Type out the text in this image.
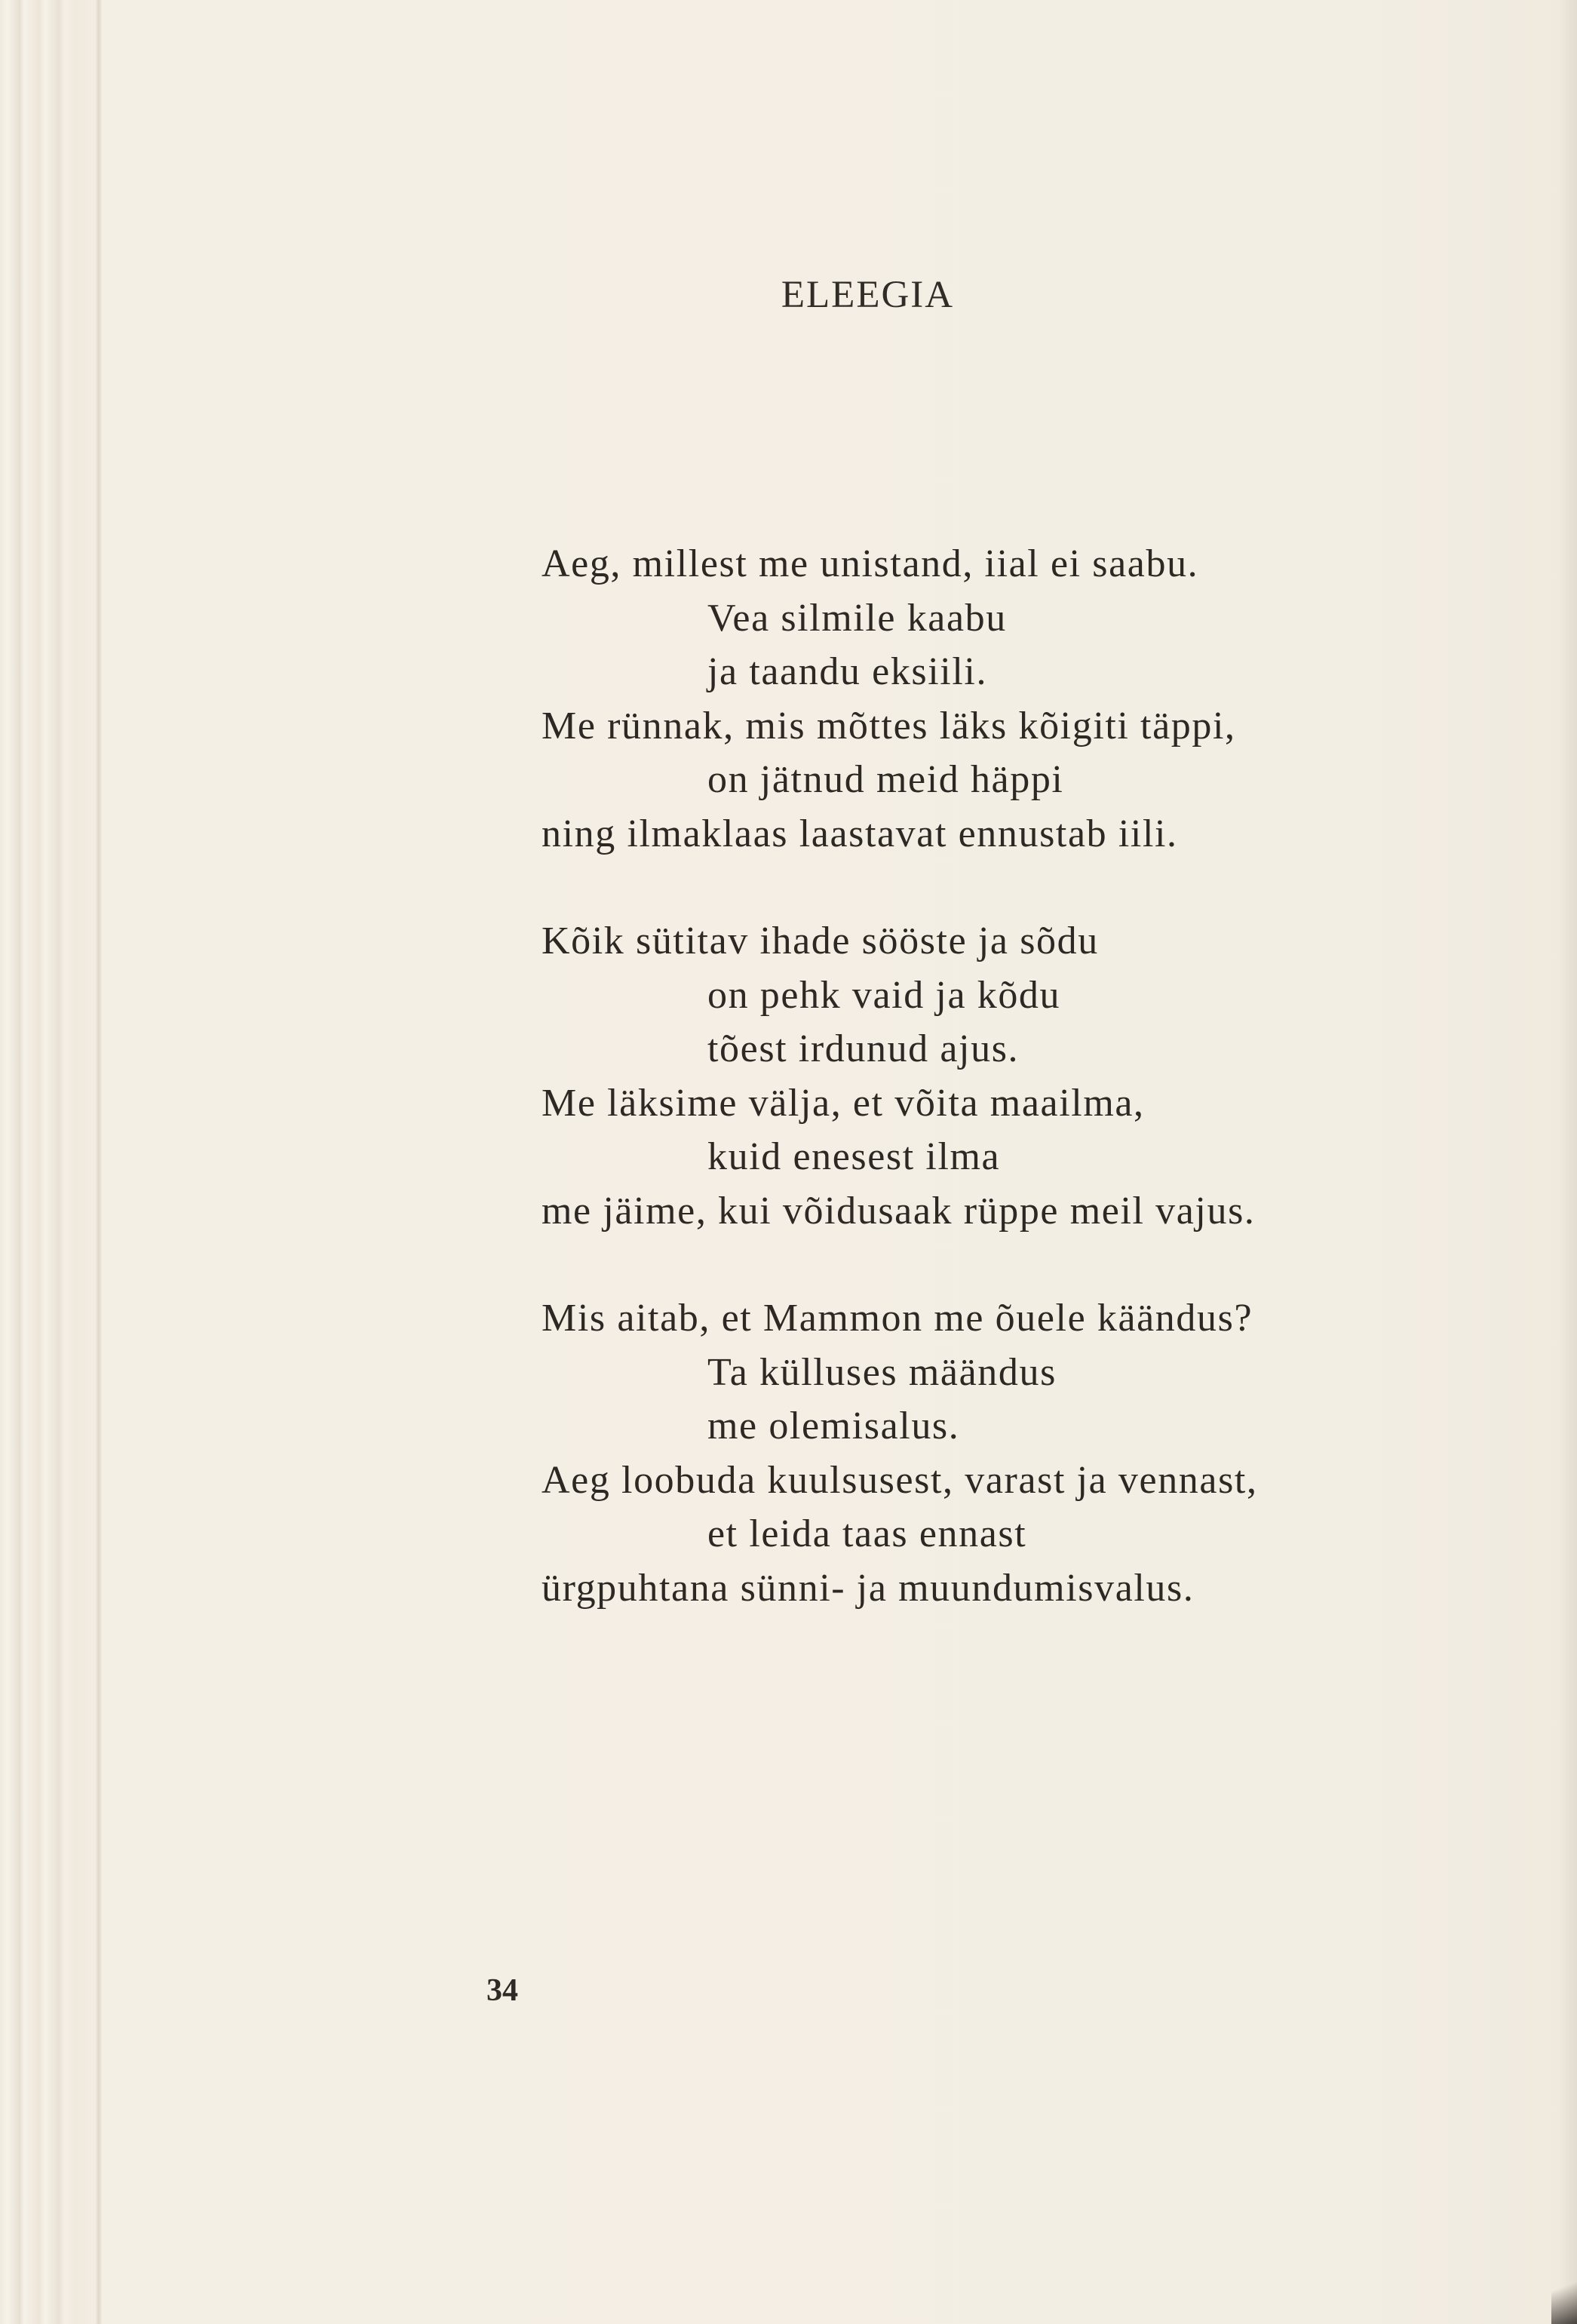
ELEEGIA
Aeg, millest me unistand, iial ei saabu.
Vea silmile kaabu
ja taandu eksiili.
Me rünnak, mis mõttes läks kõigiti täppi,
on jätnud meid häppi
ning ilmaklaas laastavat ennustab iili.
Kõik sütitav ihade sööste ja sõdu
on pehk vaid ja kõdu
tõest irdunud ajus.
Me läksime välja, et võita maailma,
kuid enesest ilma
me jäime, kui võidusaak rüppe meil vajus.
Mis aitab, et Mammon me õuele käändus?
Ta külluses määndus
me olemisalus.
Aeg loobuda kuulsusest, varast ja vennast,
et leida taas ennast
ürgpuhtana sünni- ja muundumisvalus.
34
